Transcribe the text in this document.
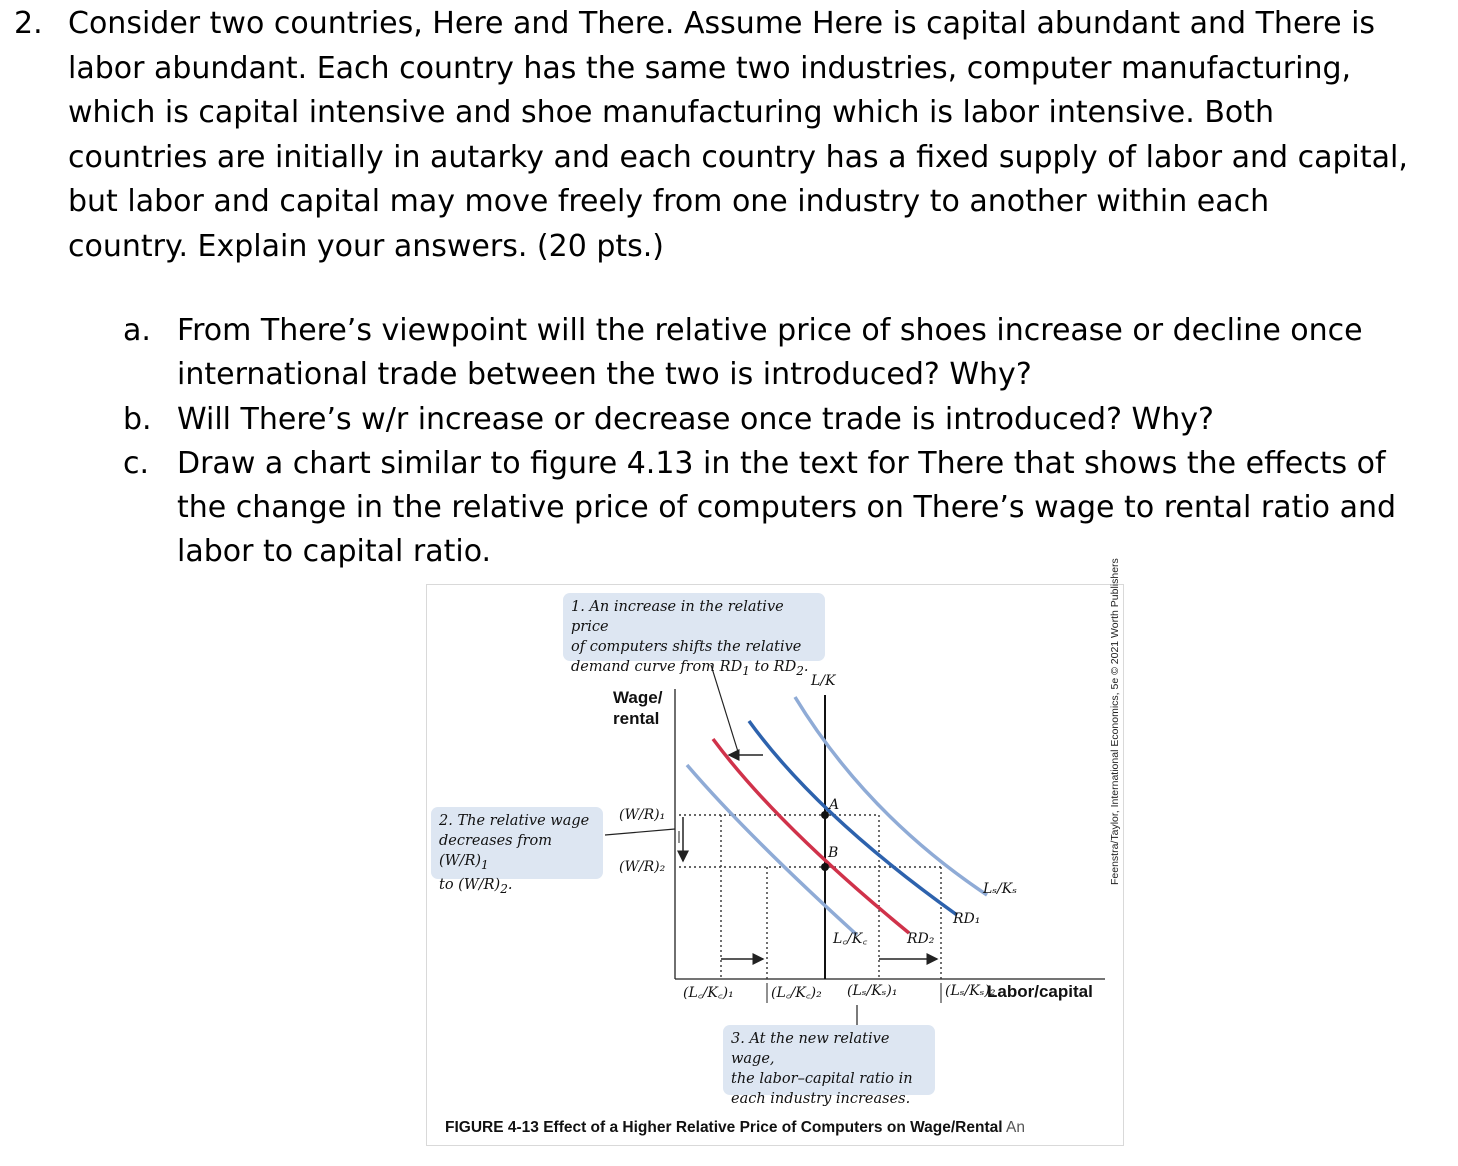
2. Consider two countries, Here and There. Assume Here is capital abundant and There is
labor abundant. Each country has the same two industries, computer manufacturing,
which is capital intensive and shoe manufacturing which is labor intensive. Both
countries are initially in autarky and each country has a fixed supply of labor and capital,
but labor and capital may move freely from one industry to another within each
country. Explain your answers. (20 pts.)
a. From There’s viewpoint will the relative price of shoes increase or decline once
international trade between the two is introduced? Why?
b. Will There’s w/r increase or decrease once trade is introduced? Why?
c. Draw a chart similar to figure 4.13 in the text for There that shows the effects of
the change in the relative price of computers on There’s wage to rental ratio and
labor to capital ratio.
1. An increase in the relative price
of computers shifts the relative
demand curve from $RD_1$ to $RD_2$.
2. The relative wage
decreases from $(W/R)_1$
to $(W/R)_2$.
3. At the new relative wage,
the labor–capital ratio in
each industry increases.
Wage/
rental
Labor/capital
L/K
A
B
(W/R)₁
(W/R)₂
(L꜀/K꜀)₁	(L꜀/K꜀)₂ (Lₛ/Kₛ)₁	(Lₛ/Kₛ)₂
Lₛ/Kₛ
RD₁
RD₂
L꜀/K꜀
FIGURE 4-13 Effect of a Higher Relative Price of Computers on Wage/Rental An
Feenstra/Taylor, International Economics, 5e © 2021 Worth Publishers
